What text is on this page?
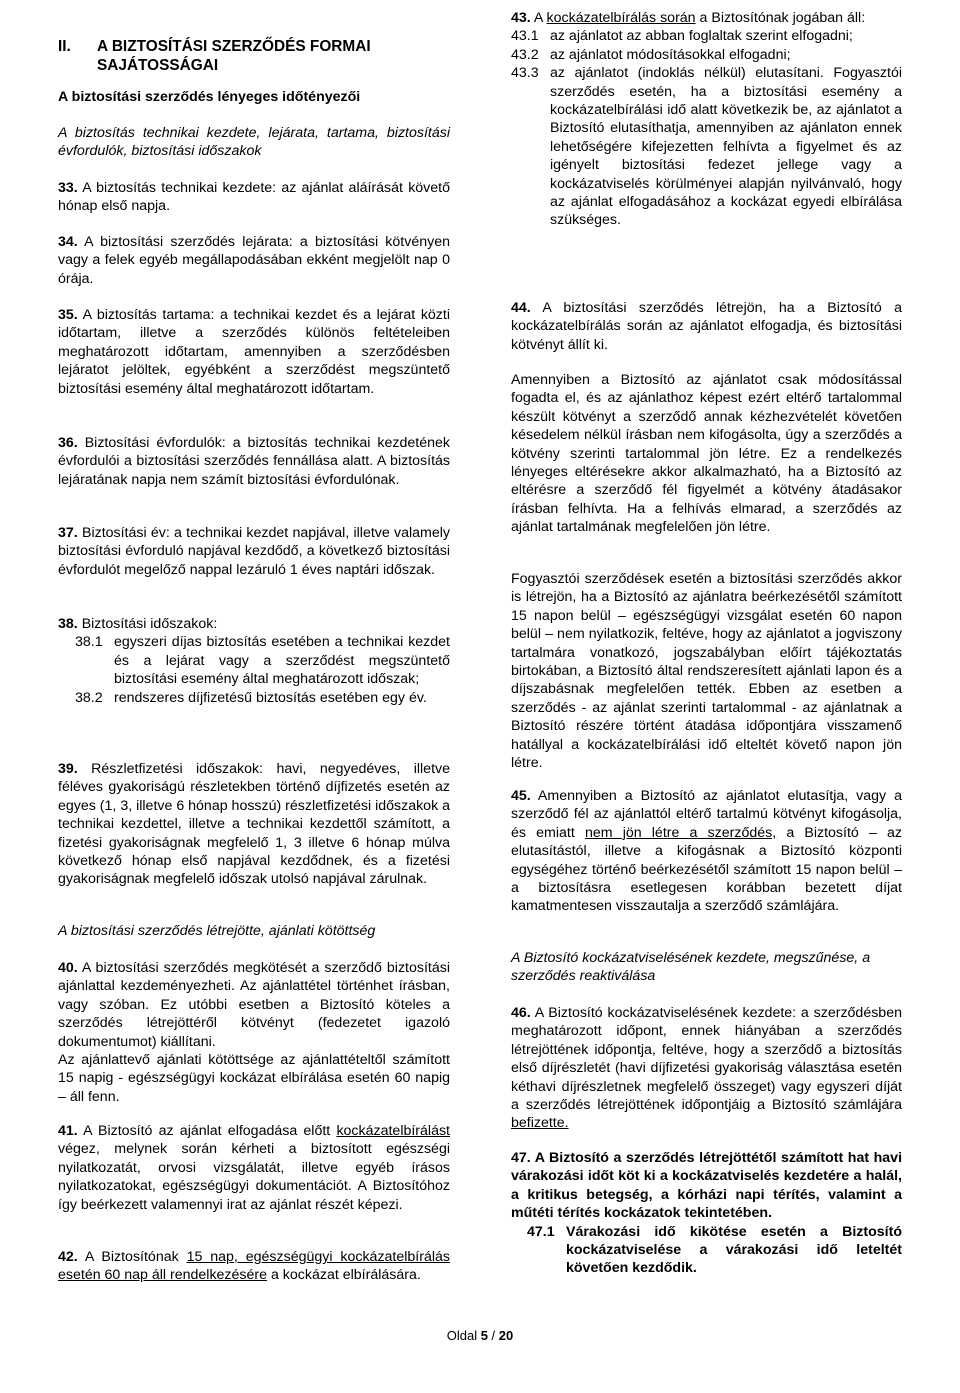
II.	A BIZTOSÍTÁSI SZERZŐDÉS FORMAI
SAJÁTOSSÁGAI

A biztosítási szerződés lényeges időtényezői

A biztosítás technikai kezdete, lejárata, tartama, biztosítási évfordulók, biztosítási időszakok

33. A biztosítás technikai kezdete: az ajánlat aláírását követő hónap első napja.

34. A biztosítási szerződés lejárata: a biztosítási kötvényen vagy a felek egyéb megállapodásában ekként megjelölt nap 0 órája.

35. A biztosítás tartama: a technikai kezdet és a lejárat közti időtartam, illetve a szerződés különös feltételeiben meghatározott időtartam, amennyiben a szerződésben lejáratot jelöltek, egyébként a szerződést megszüntető biztosítási esemény által meghatározott időtartam.

36. Biztosítási évfordulók: a biztosítás technikai kezdetének évfordulói a biztosítási szerződés fennállása alatt. A biztosítás lejáratának napja nem számít biztosítási évfordulónak.

37. Biztosítási év: a technikai kezdet napjával, illetve valamely biztosítási évforduló napjával kezdődő, a következő biztosítási évfordulót megelőző nappal lezáruló 1 éves naptári időszak.

38. Biztosítási időszakok:

38.1 egyszeri díjas biztosítás esetében a technikai kezdet és a lejárat vagy a szerződést megszüntető biztosítási esemény által meghatározott időszak;
38.2 rendszeres díjfizetésű biztosítás esetében egy év.

39. Részletfizetési időszakok: havi, negyedéves, illetve féléves gyakoriságú részletekben történő díjfizetés esetén az egyes (1, 3, illetve 6 hónap hosszú) részletfizetési időszakok a technikai kezdettel, illetve a technikai kezdettől számított, a fizetési gyakoriságnak megfelelő 1, 3 illetve 6 hónap múlva következő hónap első napjával kezdődnek, és a fizetési gyakoriságnak megfelelő időszak utolsó napjával zárulnak.

A biztosítási szerződés létrejötte, ajánlati kötöttség

40. A biztosítási szerződés megkötését a szerződő biztosítási ajánlattal kezdeményezheti. Az ajánlattétel történhet írásban, vagy szóban. Ez utóbbi esetben a Biztosító köteles a szerződés létrejöttéről kötvényt (fedezetet igazoló dokumentumot) kiállítani.

Az ajánlattevő ajánlati kötöttsége az ajánlattételtől számított 15 napig - egészségügyi kockázat elbírálása esetén 60 napig – áll fenn.

41. A Biztosító az ajánlat elfogadása előtt kockázatelbírálást végez, melynek során kérheti a biztosított egészségi nyilatkozatát, orvosi vizsgálatát, illetve egyéb írásos nyilatkozatokat, egészségügyi dokumentációt. A Biztosítóhoz így beérkezett valamennyi irat az ajánlat részét képezi.

42. A Biztosítónak 15 nap, egészségügyi kockázatelbírálás esetén 60 nap áll rendelkezésére a kockázat elbírálására.

43. A kockázatelbírálás során a Biztosítónak jogában áll:

43.1 az ajánlatot az abban foglaltak szerint elfogadni;
43.2 az ajánlatot módosításokkal elfogadni;
43.3 az ajánlatot (indoklás nélkül) elutasítani. Fogyasztói szerződés esetén, ha a biztosítási esemény a kockázatelbírálási idő alatt következik be, az ajánlatot a Biztosító elutasíthatja, amennyiben az ajánlaton ennek lehetőségére kifejezetten felhívta a figyelmet és az igényelt biztosítási fedezet jellege vagy a kockázatviselés körülményei alapján nyilvánvaló, hogy az ajánlat elfogadásához a kockázat egyedi elbírálása szükséges.

44. A biztosítási szerződés létrejön, ha a Biztosító a kockázatelbírálás során az ajánlatot elfogadja, és biztosítási kötvényt állít ki.

Amennyiben a Biztosító az ajánlatot csak módosítással fogadta el, és az ajánlathoz képest ezért eltérő tartalommal készült kötvényt a szerződő annak kézhezvételét követően késedelem nélkül írásban nem kifogásolta, úgy a szerződés a kötvény szerinti tartalommal jön létre. Ez a rendelkezés lényeges eltérésekre akkor alkalmazható, ha a Biztosító az eltérésre a szerződő fél figyelmét a kötvény átadásakor írásban felhívta. Ha a felhívás elmarad, a szerződés az ajánlat tartalmának megfelelően jön létre.

Fogyasztói szerződések esetén a biztosítási szerződés akkor is létrejön, ha a Biztosító az ajánlatra beérkezésétől számított 15 napon belül – egészségügyi vizsgálat esetén 60 napon belül – nem nyilatkozik, feltéve, hogy az ajánlatot a jogviszony tartalmára vonatkozó, jogszabályban előírt tájékoztatás birtokában, a Biztosító által rendszeresített ajánlati lapon és a díjszabásnak megfelelően tették. Ebben az esetben a szerződés - az ajánlat szerinti tartalommal - az ajánlatnak a Biztosító részére történt átadása időpontjára visszamenő hatállyal a kockázatelbírálási idő elteltét követő napon jön létre.

45. Amennyiben a Biztosító az ajánlatot elutasítja, vagy a szerződő fél az ajánlattól eltérő tartalmú kötvényt kifogásolja, és emiatt nem jön létre a szerződés, a Biztosító – az elutasítástól, illetve a kifogásnak a Biztosító központi egységéhez történő beérkezésétől számított 15 napon belül – a biztosításra esetlegesen korábban bezetett díjat kamatmentesen visszautalja a szerződő számlájára.

A Biztosító kockázatviselésének kezdete, megszűnése, a szerződés reaktiválása

46. A Biztosító kockázatviselésének kezdete: a szerződésben meghatározott időpont, ennek hiányában a szerződés létrejöttének időpontja, feltéve, hogy a szerződő a biztosítás első díjrészletét (havi díjfizetési gyakoriság választása esetén kéthavi díjrészletnek megfelelő összeget) vagy egyszeri díját a szerződés létrejöttének időpontjáig a Biztosító számlájára befizette.

47. A Biztosító a szerződés létrejöttétől számított hat havi várakozási időt köt ki a kockázatviselés kezdetére a halál, a kritikus betegség, a kórházi napi térítés, valamint a műtéti térítés kockázatok tekintetében.

47.1 Várakozási idő kikötése esetén a Biztosító kockázatviselése a várakozási idő leteltét követően kezdődik.
Oldal 5 / 20
